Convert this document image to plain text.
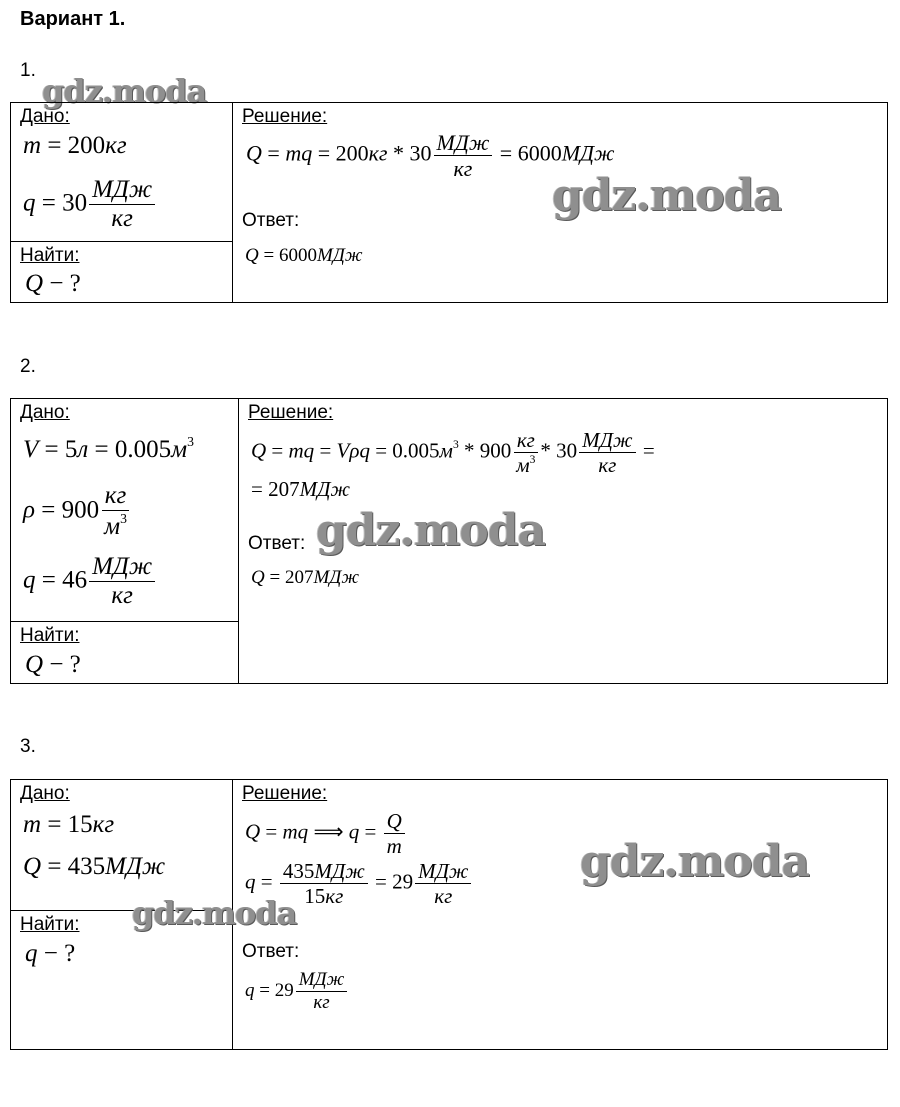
Вариант 1.
1.
gdz.moda
Дано:
m = 200кг
$q = 30 \frac{\text{МДж}}{кг}$
Найти:
Q − ?
Решение:
Q = mq = $200кг * 30 \frac{\text{МДж}}{кг} = 6000МДж$
Ответ:
Q = 6000МДж
gdz.moda
2.
Дано:
$V = 5л = 0.005м^3$
$\rho = 900 \frac{кг}{м^3}$
$q = 46 \frac{\text{МДж}}{кг}$
Найти:
Q − ?
Решение:
Q = mq = $V\rho q = 0.005м^3 * 900 \frac{кг}{м^3} * 30 \frac{\text{МДж}}{кг}$ =
= 207МДж
Ответ:
Q = 207МДж
gdz.moda
3.
Дано:
m = 15кг
Q = 435МДж
Найти:
q − ?
Решение:
Q = mq ⟹ $q = \frac{Q}{m}$
$q = \frac{\text{435МДж}}{15кг} = 29 \frac{\text{МДж}}{кг}$
Ответ:
$q = 29 \frac{\text{МДж}}{кг}$
gdz.moda
gdz.moda
